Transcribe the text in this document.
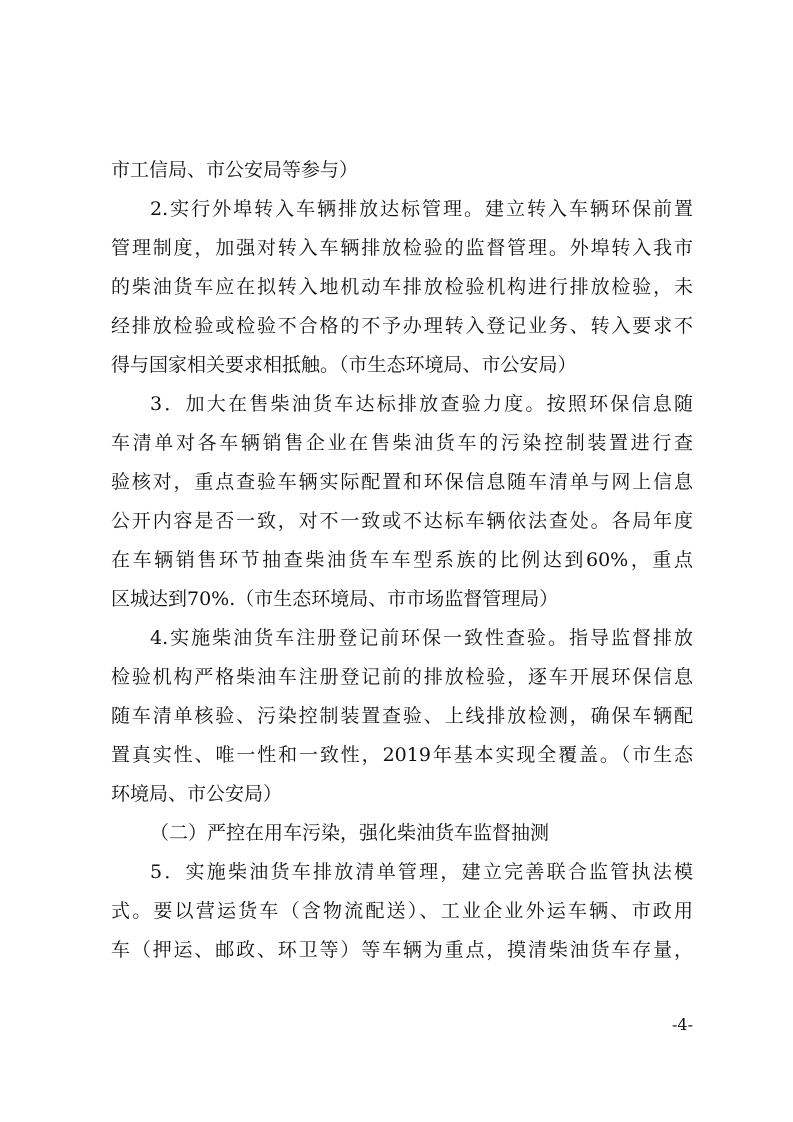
市工信局、市公安局等参与）
2.实行外埠转入车辆排放达标管理。建立转入车辆环保前置
管理制度，加强对转入车辆排放检验的监督管理。外埠转入我市
的柴油货车应在拟转入地机动车排放检验机构进行排放检验，未
经排放检验或检验不合格的不予办理转入登记业务、转入要求不
得与国家相关要求相抵触。（市生态环境局、市公安局）
3．加大在售柴油货车达标排放查验力度。按照环保信息随
车清单对各车辆销售企业在售柴油货车的污染控制装置进行查
验核对，重点查验车辆实际配置和环保信息随车清单与网上信息
公开内容是否一致，对不一致或不达标车辆依法查处。各局年度
在车辆销售环节抽查柴油货车车型系族的比例达到60%，重点
区城达到70%.（市生态环境局、市市场监督管理局）
4.实施柴油货车注册登记前环保一致性查验。指导监督排放
检验机构严格柴油车注册登记前的排放检验，逐车开展环保信息
随车清单核验、污染控制装置查验、上线排放检测，确保车辆配
置真实性、唯一性和一致性，2019年基本实现全覆盖。（市生态
环境局、市公安局）
（二）严控在用车污染，强化柴油货车监督抽测
5．实施柴油货车排放清单管理，建立完善联合监管执法模
式。要以营运货车（含物流配送）、工业企业外运车辆、市政用
车（押运、邮政、环卫等）等车辆为重点，摸清柴油货车存量，
-4-
